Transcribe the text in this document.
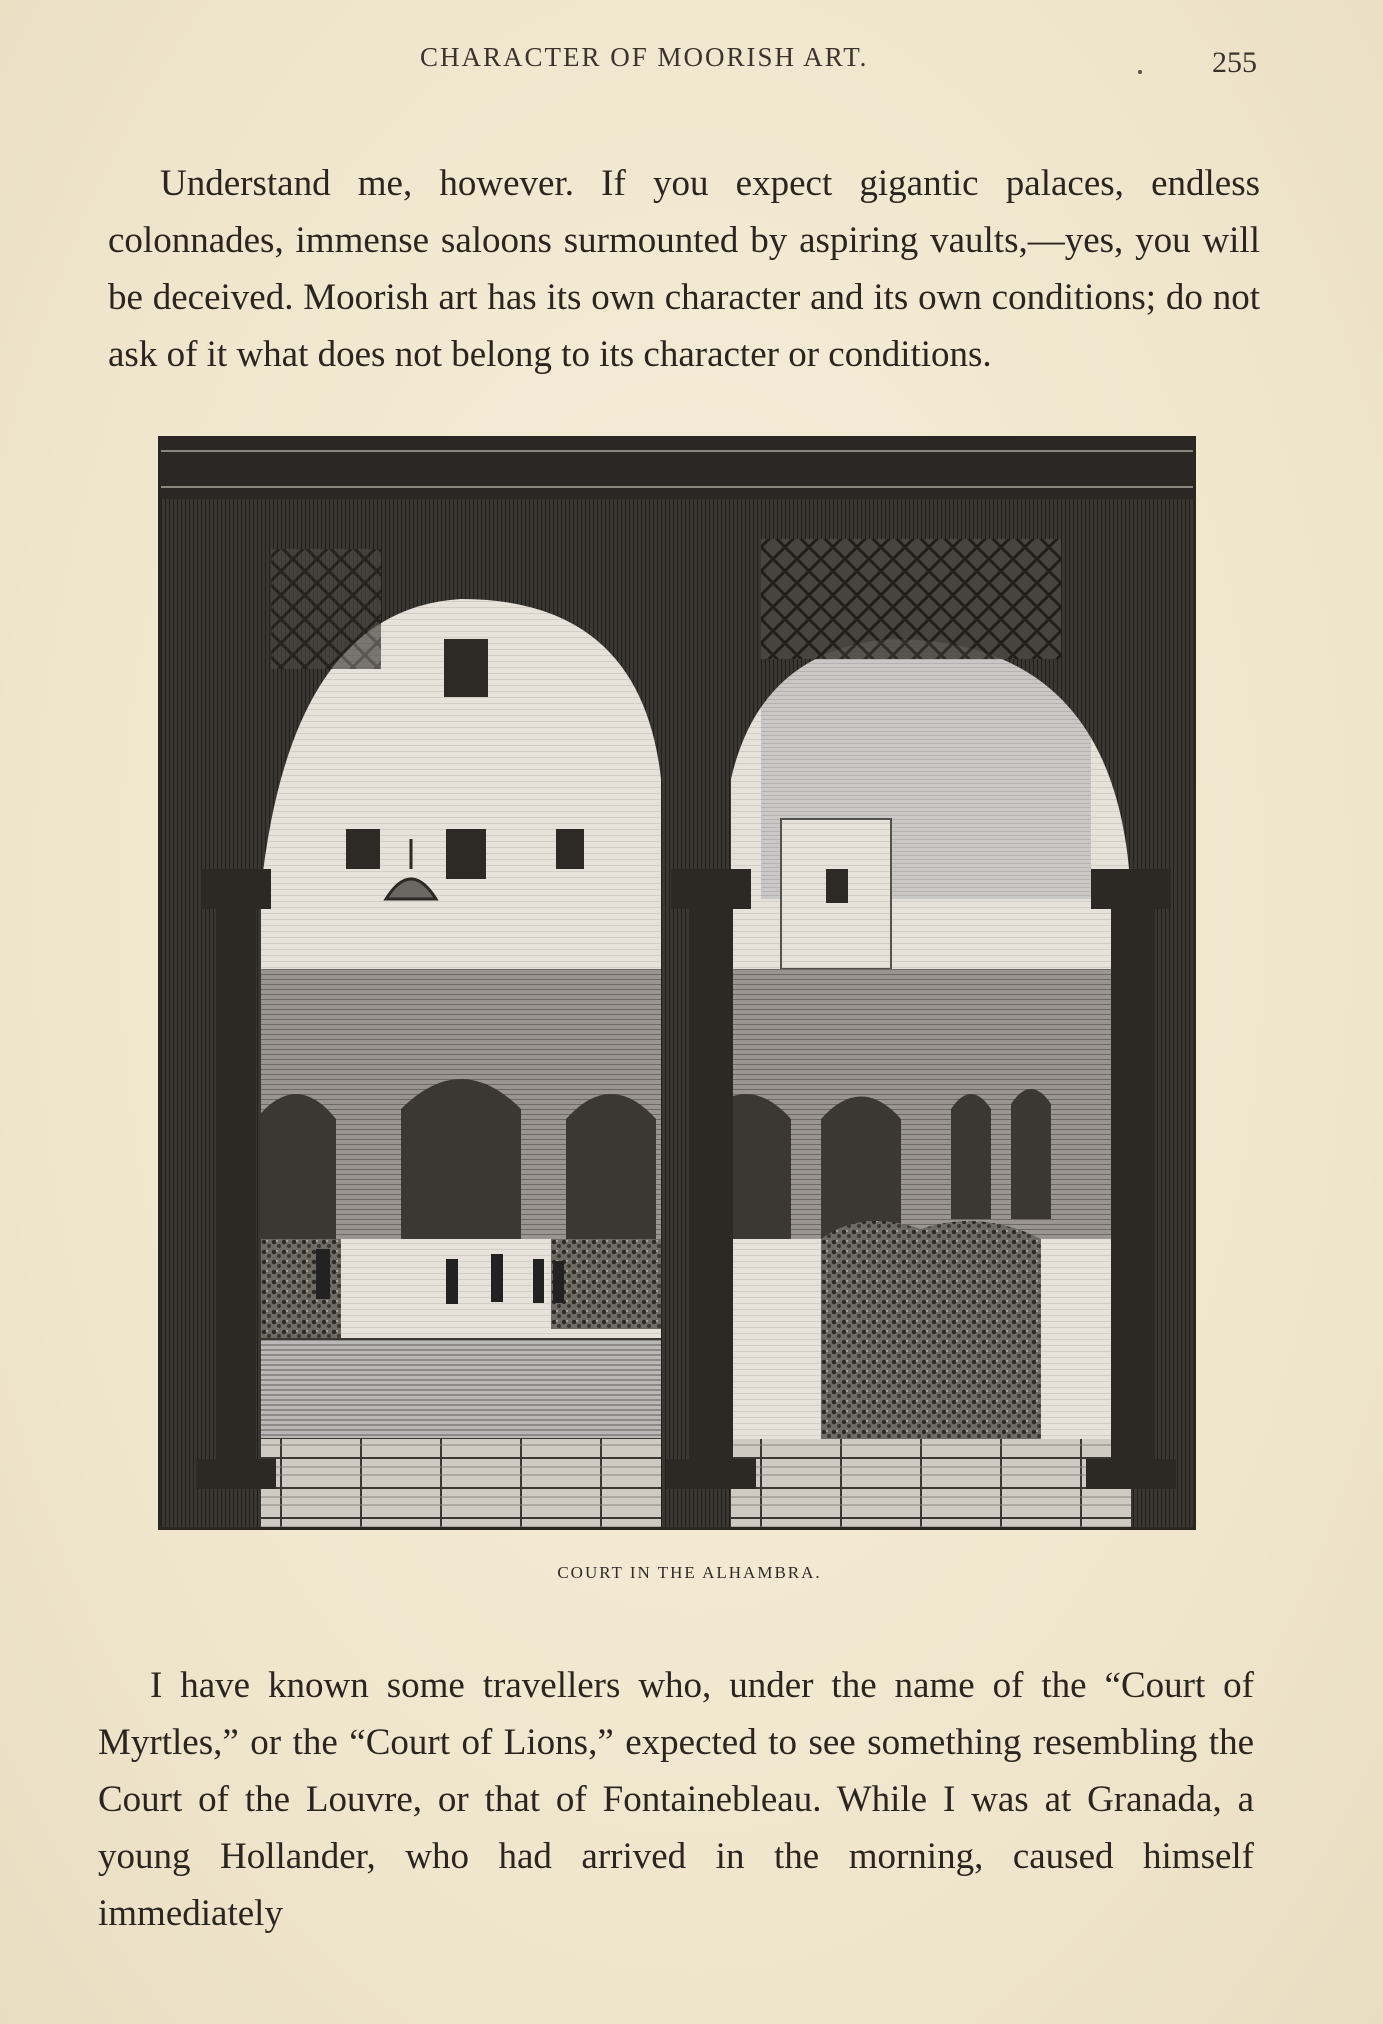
CHARACTER OF MOORISH ART.	255

Understand me, however. If you expect gigantic palaces, endless colonnades, immense saloons surmounted by aspiring vaults,—yes, you will be deceived. Moorish art has its own character and its own conditions; do not ask of it what does not belong to its character or conditions.

COURT IN THE ALHAMBRA.

I have known some travellers who, under the name of the “Court of Myrtles,” or the “Court of Lions,” expected to see something resembling the Court of the Louvre, or that of Fontainebleau. While I was at Granada, a young Hollander, who had arrived in the morning, caused himself immediately
